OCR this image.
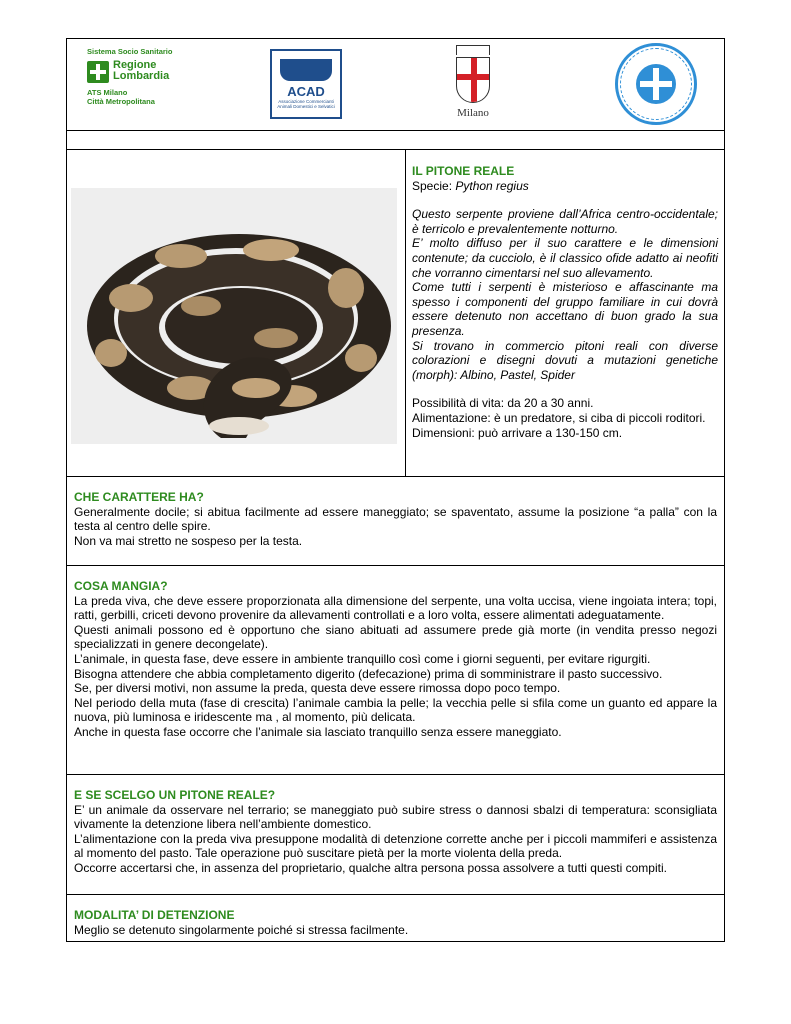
Sistema Socio Sanitario
Regione
Lombardia
ATS Milano
Città Metropolitana
ACAD
Associazione Commercianti Animali Domestici e Selvatici
Milano
IL PITONE REALE

Specie: Python regius

Questo serpente proviene dall’Africa centro-occidentale; è terricolo e prevalentemente notturno.

E’ molto diffuso per il suo carattere e le dimensioni contenute; da cucciolo, è il classico ofide adatto ai neofiti che vorranno cimentarsi nel suo allevamento.

Come tutti i serpenti è misterioso e affascinante ma spesso i componenti del gruppo familiare in cui dovrà essere detenuto non accettano di buon grado la sua presenza.

Si trovano in commercio pitoni reali con diverse colorazioni e disegni dovuti a mutazioni genetiche (morph): Albino, Pastel, Spider

Possibilità di vita: da 20 a 30 anni.

Alimentazione: è un predatore, si ciba di piccoli roditori.

Dimensioni: può arrivare a 130-150 cm.

CHE CARATTERE HA?

Generalmente docile; si abitua facilmente ad essere maneggiato; se spaventato, assume la posizione “a palla” con la testa al centro delle spire.

Non va mai stretto ne sospeso per la testa.

COSA MANGIA?

La preda viva, che deve essere proporzionata alla dimensione del serpente, una volta uccisa, viene ingoiata intera; topi, ratti, gerbilli, criceti devono provenire da allevamenti controllati e a loro volta, essere alimentati adeguatamente.

Questi animali possono ed è opportuno che siano abituati ad assumere prede già morte (in vendita presso negozi specializzati in genere decongelate).

L’animale, in questa fase, deve essere in ambiente tranquillo così come i giorni seguenti, per evitare rigurgiti.

Bisogna attendere che abbia completamento digerito (defecazione) prima di somministrare il pasto successivo.

Se, per diversi motivi, non assume la preda, questa deve essere rimossa dopo poco tempo.

Nel periodo della muta (fase di crescita) l’animale cambia la pelle; la vecchia pelle si sfila come un guanto ed appare la nuova, più luminosa e iridescente ma , al momento, più delicata.

Anche in questa fase occorre che l’animale sia lasciato tranquillo senza essere maneggiato.

E SE SCELGO UN PITONE REALE?

E’ un animale da osservare nel terrario; se maneggiato può subire stress o dannosi sbalzi di temperatura: sconsigliata vivamente la detenzione libera nell’ambiente domestico.

L’alimentazione con la preda viva presuppone modalità di detenzione corrette anche per i piccoli mammiferi e assistenza al momento del pasto. Tale operazione può suscitare pietà per la morte violenta della preda.

Occorre accertarsi che, in assenza del proprietario, qualche altra persona possa assolvere a tutti questi compiti.

MODALITA’ DI DETENZIONE

Meglio se detenuto singolarmente poiché si stressa facilmente.
